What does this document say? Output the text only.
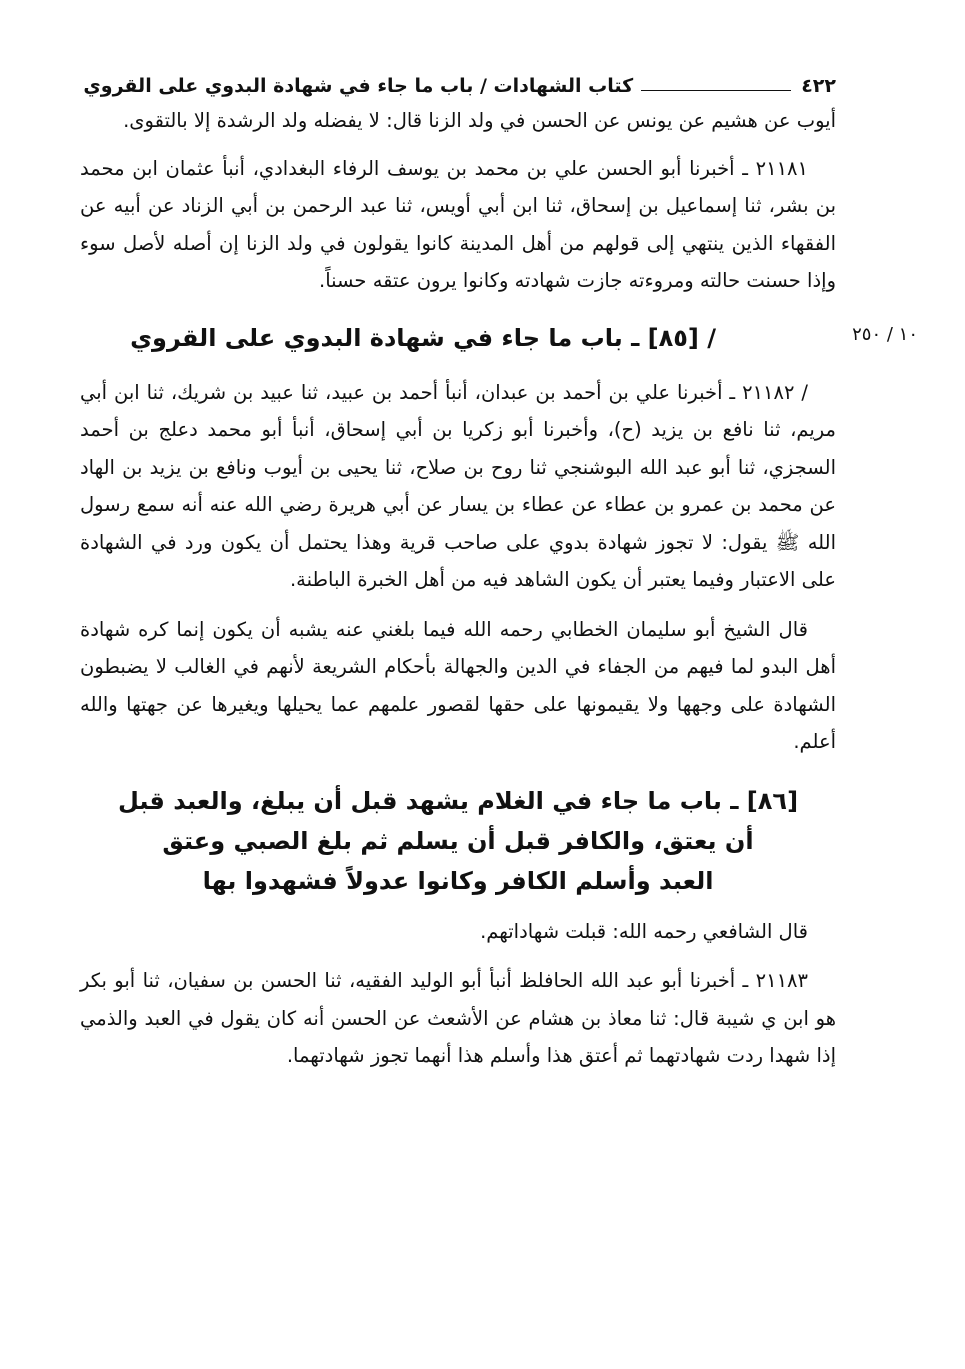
٤٢٢
كتاب الشهادات / باب ما جاء في شهادة البدوي على القروي

أيوب عن هشيم عن يونس عن الحسن في ولد الزنا قال: لا يفضله ولد الرشدة إلا بالتقوى.

٢١١٨١ ـ أخبرنا أبو الحسن علي بن محمد بن يوسف الرفاء البغدادي، أنبأ عثمان ابن محمد بن بشر، ثنا إسماعيل بن إسحاق، ثنا ابن أبي أويس، ثنا عبد الرحمن بن أبي الزناد عن أبيه عن الفقهاء الذين ينتهي إلى قولهم من أهل المدينة كانوا يقولون في ولد الزنا إن أصله لأصل سوء وإذا حسنت حالته ومروءته جازت شهادته وكانوا يرون عتقه حسناً.

/ [٨٥] ـ باب ما جاء في شهادة البدوي على القروي	١٠ / ٢٥٠

/ ٢١١٨٢ ـ أخبرنا علي بن أحمد بن عبدان، أنبأ أحمد بن عبيد، ثنا عبيد بن شريك، ثنا ابن أبي مريم، ثنا نافع بن يزيد (ح)، وأخبرنا أبو زكريا بن أبي إسحاق، أنبأ أبو محمد دعلج بن أحمد السجزي، ثنا أبو عبد الله البوشنجي ثنا روح بن صلاح، ثنا يحيى بن أيوب ونافع بن يزيد بن الهاد عن محمد بن عمرو بن عطاء عن عطاء بن يسار عن أبي هريرة رضي الله عنه أنه سمع رسول الله ﷺ يقول: لا تجوز شهادة بدوي على صاحب قرية وهذا يحتمل أن يكون ورد في الشهادة على الاعتبار وفيما يعتبر أن يكون الشاهد فيه من أهل الخبرة الباطنة.

قال الشيخ أبو سليمان الخطابي رحمه الله فيما بلغني عنه يشبه أن يكون إنما كره شهادة أهل البدو لما فيهم من الجفاء في الدين والجهالة بأحكام الشريعة لأنهم في الغالب لا يضبطون الشهادة على وجهها ولا يقيمونها على حقها لقصور علمهم عما يحيلها ويغيرها عن جهتها والله أعلم.

[٨٦] ـ باب ما جاء في الغلام يشهد قبل أن يبلغ، والعبد قبل
أن يعتق، والكافر قبل أن يسلم ثم بلغ الصبي وعتق
العبد وأسلم الكافر وكانوا عدولاً فشهدوا بها

قال الشافعي رحمه الله: قبلت شهاداتهم.

٢١١٨٣ ـ أخبرنا أبو عبد الله الحافلظ أنبأ أبو الوليد الفقيه، ثنا الحسن بن سفيان، ثنا أبو بكر هو ابن ي شيبة قال: ثنا معاذ بن هشام عن الأشعث عن الحسن أنه كان يقول في العبد والذمي إذا شهدا ردت شهادتهما ثم أعتق هذا وأسلم هذا أنهما تجوز شهادتهما.
